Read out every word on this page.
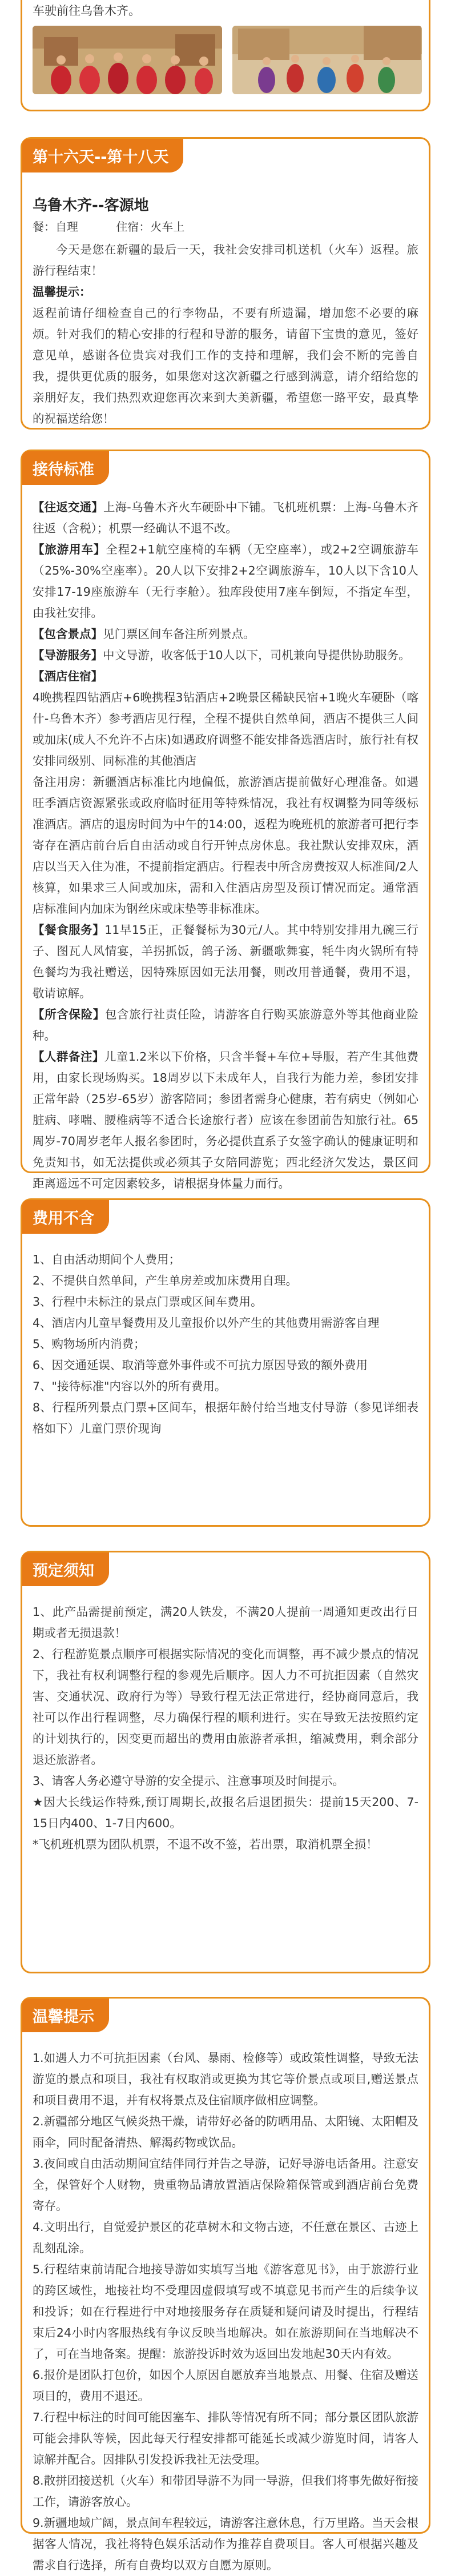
车驶前往乌鲁木齐。
第十六天--第十八天
乌鲁木齐--客源地
餐：自理	住宿：火车上

今天是您在新疆的最后一天，我社会安排司机送机（火车）返程。旅游行程结束！

温馨提示：

返程前请仔细检查自己的行李物品，不要有所遗漏，增加您不必要的麻烦。针对我们的精心安排的行程和导游的服务，请留下宝贵的意见，签好意见单，感谢各位贵宾对我们工作的支持和理解，我们会不断的完善自我，提供更优质的服务，如果您对这次新疆之行感到满意，请介绍给您的亲朋好友，我们热烈欢迎您再次来到大美新疆，希望您一路平安，最真挚的祝福送给您！

接待标准

【往返交通】上海-乌鲁木齐火车硬卧中下铺。飞机班机票：上海-乌鲁木齐往返（含税）；机票一经确认不退不改。

【旅游用车】全程2+1航空座椅的车辆（无空座率），或2+2空调旅游车（25%-30%空座率）。20人以下安排2+2空调旅游车，10人以下含10人安排17-19座旅游车（无行李舱）。独库段使用7座车倒短，不指定车型，由我社安排。

【包含景点】见门票区间车备注所列景点。

【导游服务】中文导游，收客低于10人以下，司机兼向导提供协助服务。

【酒店住宿】
4晚携程四钻酒店+6晚携程3钻酒店+2晚景区稀缺民宿+1晚火车硬卧（喀什-乌鲁木齐）参考酒店见行程，全程不提供自然单间，酒店不提供三人间或加床(成人不允许不占床)如遇政府调整不能安排备选酒店时，旅行社有权安排同级别、同标准的其他酒店
备注用房：新疆酒店标准比内地偏低，旅游酒店提前做好心理准备。如遇旺季酒店资源紧张或政府临时征用等特殊情况，我社有权调整为同等级标准酒店。酒店的退房时间为中午的14:00，返程为晚班机的旅游者可把行李寄存在酒店前台后自由活动或自行开钟点房休息。我社默认安排双床，酒店以当天入住为准，不提前指定酒店。行程表中所含房费按双人标准间/2人核算，如果求三人间或加床，需和入住酒店房型及预订情况而定。通常酒店标准间内加床为钢丝床或床垫等非标准床。

【餐食服务】11早15正，正餐餐标为30元/人。其中特别安排用九碗三行子、图瓦人风情宴，羊拐抓饭，鸽子汤、新疆歌舞宴，牦牛肉火锅所有特色餐均为我社赠送，因特殊原因如无法用餐，则改用普通餐，费用不退，敬请谅解。

【所含保险】包含旅行社责任险，请游客自行购买旅游意外等其他商业险种。

【人群备注】儿童1.2米以下价格，只含半餐+车位+导服，若产生其他费用，由家长现场购买。18周岁以下未成年人，自我行为能力差，参团安排正常年龄（25岁-65岁）游客陪同；参团者需身心健康，若有病史（例如心脏病、哮喘、腰椎病等不适合长途旅行者）应该在参团前告知旅行社。65周岁-70周岁老年人报名参团时，务必提供直系子女签字确认的健康证明和免责知书，如无法提供或必须其子女陪同游览；西北经济欠发达，景区间距离遥远不可定因素较多，请根据身体量力而行。

费用不含

1、自由活动期间个人费用；

2、不提供自然单间，产生单房差或加床费用自理。

3、行程中未标注的景点门票或区间车费用。

4、酒店内儿童早餐费用及儿童报价以外产生的其他费用需游客自理

5、购物场所内消费；

6、因交通延误、取消等意外事件或不可抗力原因导致的额外费用

7、"接待标准"内容以外的所有费用。

8、行程所列景点门票+区间车，根据年龄付给当地支付导游（参见详细表格如下）儿童门票价现询

预定须知

1、此产品需提前预定，满20人铁发，不满20人提前一周通知更改出行日期或者无损退款！

2、行程游览景点顺序可根据实际情况的变化而调整，再不减少景点的情况下，我社有权利调整行程的参观先后顺序。因人力不可抗拒因素（自然灾害、交通状况、政府行为等）导致行程无法正常进行，经协商同意后，我社可以作出行程调整，尽力确保行程的顺利进行。实在导致无法按照约定的计划执行的，因变更而超出的费用由旅游者承担，缩减费用，剩余部分退还旅游者。

3、请客人务必遵守导游的安全提示、注意事项及时间提示。

★因大长线运作特殊,预订周期长,故报名后退团损失：提前15天200、7-15日内400、1-7日内600。

*飞机班机票为团队机票，不退不改不签，若出票，取消机票全损！

温馨提示

1.如遇人力不可抗拒因素（台风、暴雨、检修等）或政策性调整，导致无法游览的景点和项目，我社有权取消或更换为其它等价景点或项目,赠送景点和项目费用不退，并有权将景点及住宿顺序做相应调整。

2.新疆部分地区气候炎热干燥，请带好必备的防晒用品、太阳镜、太阳帽及雨伞，同时配备清热、解渴药物或饮品。

3.夜间或自由活动期间宜结伴同行并告之导游，记好导游电话备用。注意安全，保管好个人财物，贵重物品请放置酒店保险箱保管或到酒店前台免费寄存。

4.文明出行，自觉爱护景区的花草树木和文物古迹，不任意在景区、古迹上乱刻乱涂。

5.行程结束前请配合地接导游如实填写当地《游客意见书》，由于旅游行业的跨区域性，地接社均不受理因虚假填写或不填意见书而产生的后续争议和投诉；如在行程进行中对地接服务存在质疑和疑问请及时提出，行程结束后24小时内客服热线有争议反映当地解决。如在旅游期间在当地解决不了，可在当地备案。提醒：旅游投诉时效为返回出发地起30天内有效。

6.报价是团队打包价，如因个人原因自愿放弃当地景点、用餐、住宿及赠送项目的，费用不退还。

7.行程中标注的时间可能因塞车、排队等情况有所不同；部分景区团队旅游可能会排队等候，因此每天行程安排都可能延长或减少游览时间，请客人谅解并配合。因排队引发投诉我社无法受理。

8.散拼团接送机（火车）和带团导游不为同一导游，但我们将事先做好衔接工作，请游客放心。

9.新疆地域广阔，景点间车程较远，请游客注意休息，行万里路。当天会根据客人情况，我社将特色娱乐活动作为推荐自费项目。客人可根据兴趣及需求自行选择，所有自费均以双方自愿为原则。
